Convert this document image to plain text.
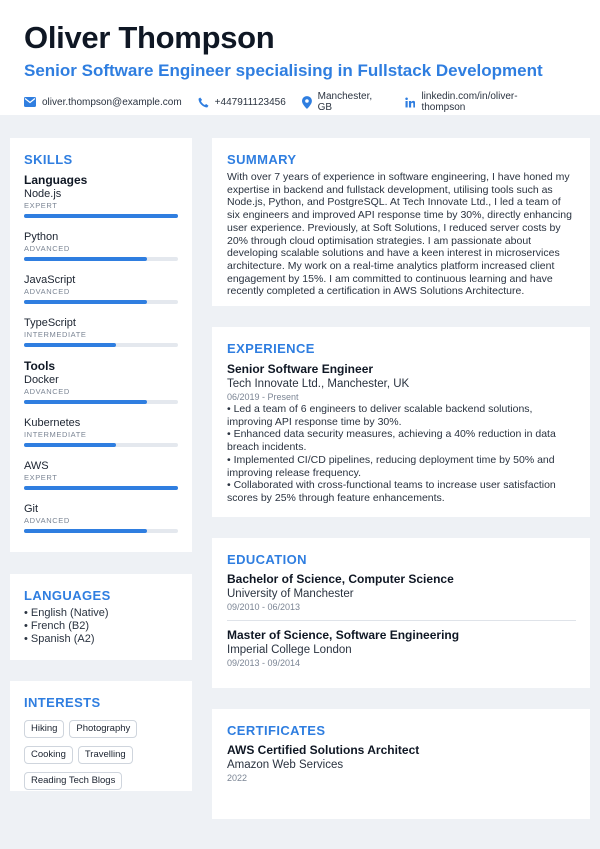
Oliver Thompson
Senior Software Engineer specialising in Fullstack Development
oliver.thompson@example.com	+447911123456	Manchester, GB
linkedin.com/in/oliver-thompson
SKILLS
Languages
Node.js
EXPERT
Python
ADVANCED
JavaScript
ADVANCED
TypeScript
INTERMEDIATE
Tools
Docker
ADVANCED
Kubernetes
INTERMEDIATE
AWS
EXPERT
Git
ADVANCED
LANGUAGES
• English (Native)
• French (B2)
• Spanish (A2)
INTERESTS
Hiking Photography
Cooking Travelling
Reading Tech Blogs
SUMMARY
With over 7 years of experience in software engineering, I have honed my expertise in backend and fullstack development, utilising tools such as Node.js, Python, and PostgreSQL. At Tech Innovate Ltd., I led a team of six engineers and improved API response time by 30%, directly enhancing user experience. Previously, at Soft Solutions, I reduced server costs by 20% through cloud optimisation strategies. I am passionate about developing scalable solutions and have a keen interest in microservices architecture. My work on a real-time analytics platform increased client engagement by 15%. I am committed to continuous learning and have recently completed a certification in AWS Solutions Architecture.
EXPERIENCE
Senior Software Engineer
Tech Innovate Ltd., Manchester, UK
06/2019 - Present
• Led a team of 6 engineers to deliver scalable backend solutions, improving API response time by 30%.
• Enhanced data security measures, achieving a 40% reduction in data breach incidents.
• Implemented CI/CD pipelines, reducing deployment time by 50% and improving release frequency.
• Collaborated with cross-functional teams to increase user satisfaction scores by 25% through feature enhancements.
EDUCATION
Bachelor of Science, Computer Science
University of Manchester
09/2010 - 06/2013
Master of Science, Software Engineering
Imperial College London
09/2013 - 09/2014
CERTIFICATES
AWS Certified Solutions Architect
Amazon Web Services
2022
